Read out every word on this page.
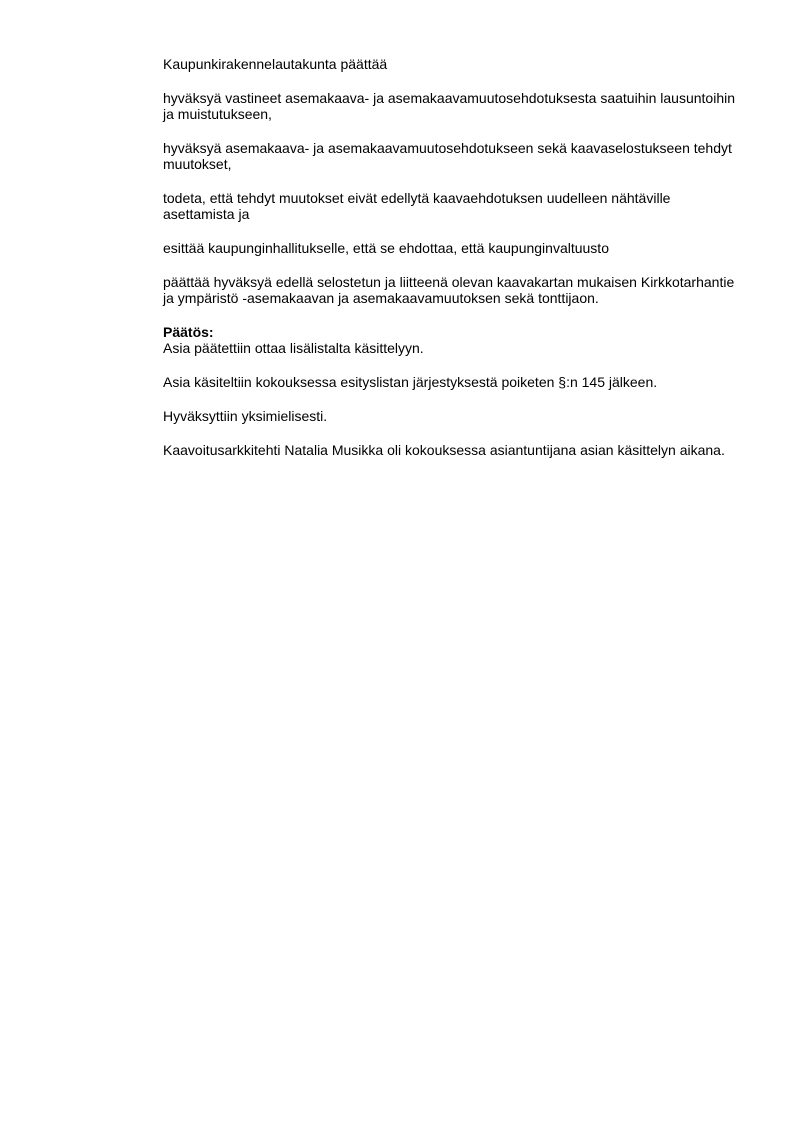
Kaupunkirakennelautakunta päättää

hyväksyä vastineet asemakaava- ja asemakaavamuutosehdotuksesta saatuihin lausuntoihin ja muistutukseen,

hyväksyä asemakaava- ja asemakaavamuutosehdotukseen sekä kaavaselostukseen tehdyt muutokset,

todeta, että tehdyt muutokset eivät edellytä kaavaehdotuksen uudelleen nähtäville asettamista ja

esittää kaupunginhallitukselle, että se ehdottaa, että kaupunginvaltuusto

päättää hyväksyä edellä selostetun ja liitteenä olevan kaavakartan mukaisen Kirkkotarhantie ja ympäristö -asemakaavan ja asemakaavamuutoksen sekä tonttijaon.

Päätös:

Asia päätettiin ottaa lisälistalta käsittelyyn.

Asia käsiteltiin kokouksessa esityslistan järjestyksestä poiketen §:n 145 jälkeen.

Hyväksyttiin yksimielisesti.

Kaavoitusarkkitehti Natalia Musikka oli kokouksessa asiantuntijana asian käsittelyn aikana.
